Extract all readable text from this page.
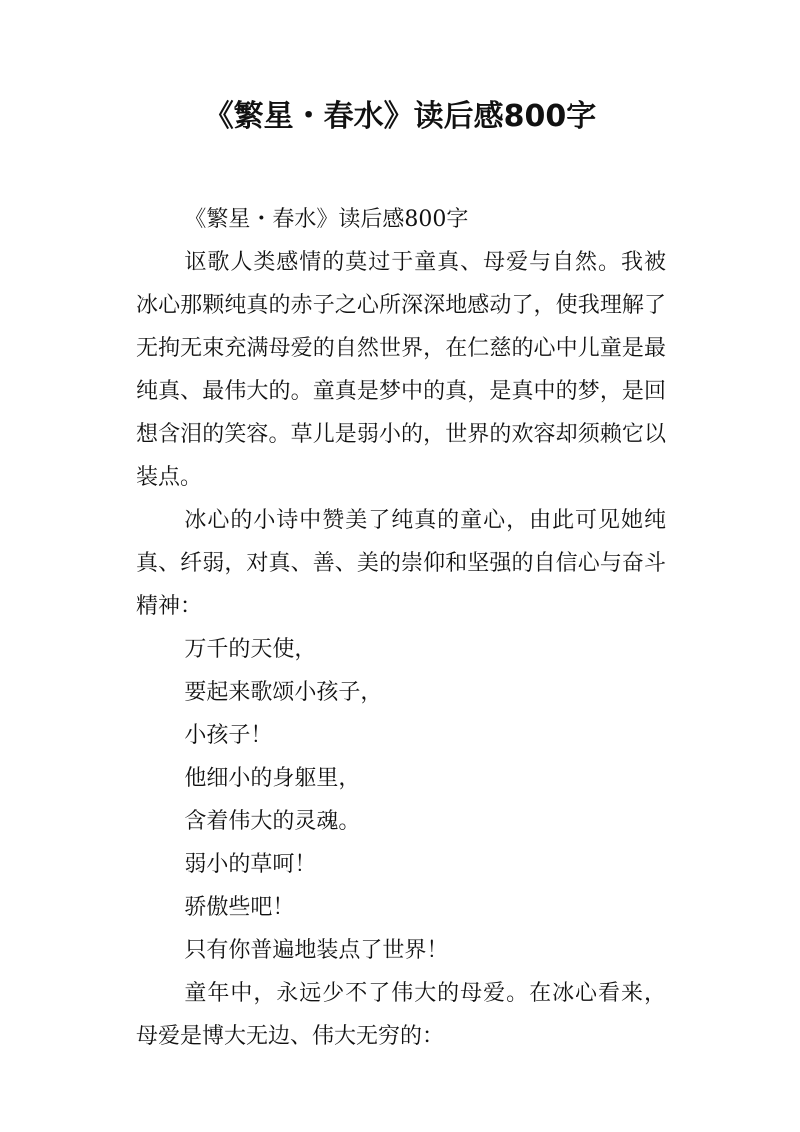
《繁星・春水》读后感800字

《繁星・春水》读后感800字

讴歌人类感情的莫过于童真、母爱与自然。我被冰心那颗纯真的赤子之心所深深地感动了，使我理解了无拘无束充满母爱的自然世界，在仁慈的心中儿童是最纯真、最伟大的。童真是梦中的真，是真中的梦，是回想含泪的笑容。草儿是弱小的，世界的欢容却须赖它以装点。

冰心的小诗中赞美了纯真的童心，由此可见她纯真、纤弱，对真、善、美的崇仰和坚强的自信心与奋斗精神：

万千的天使，

要起来歌颂小孩子，

小孩子！

他细小的身躯里，

含着伟大的灵魂。

弱小的草呵！

骄傲些吧！

只有你普遍地装点了世界！

童年中，永远少不了伟大的母爱。在冰心看来，母爱是博大无边、伟大无穷的：
